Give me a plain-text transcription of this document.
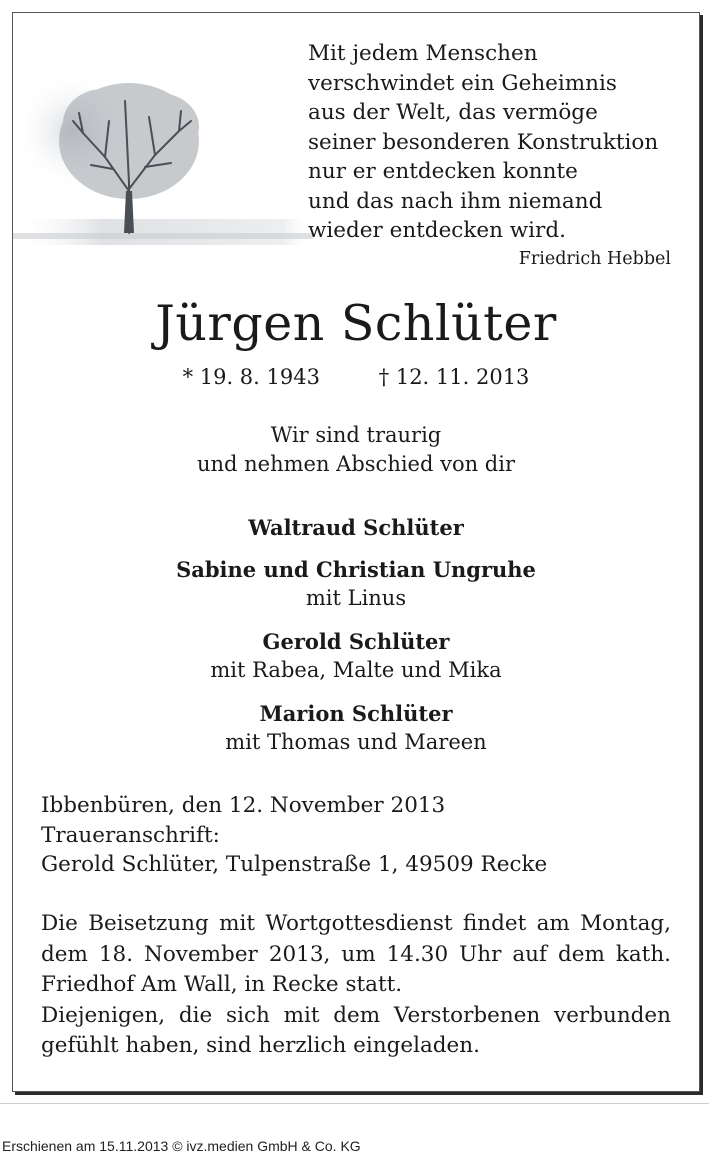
Mit jedem Menschen
verschwindet ein Geheimnis
aus der Welt, das vermöge
seiner besonderen Konstruktion
nur er entdecken konnte
und das nach ihm niemand
wieder entdecken wird.
Friedrich Hebbel
Jürgen Schlüter
* 19. 8. 1943	† 12. 11. 2013
Wir sind traurig
und nehmen Abschied von dir
Waltraud Schlüter
Sabine und Christian Ungruhe
mit Linus
Gerold Schlüter
mit Rabea, Malte und Mika
Marion Schlüter
mit Thomas und Mareen
Ibbenbüren, den 12. November 2013
Traueranschrift:
Gerold Schlüter, Tulpenstraße 1, 49509 Recke

Die Beisetzung mit Wortgottesdienst findet am Montag,

dem 18. November 2013, um 14.30 Uhr auf dem kath.

Friedhof Am Wall, in Recke statt.

Diejenigen, die sich mit dem Verstorbenen verbunden

gefühlt haben, sind herzlich eingeladen.

Erschienen am 15.11.2013 © ivz.medien GmbH & Co. KG
